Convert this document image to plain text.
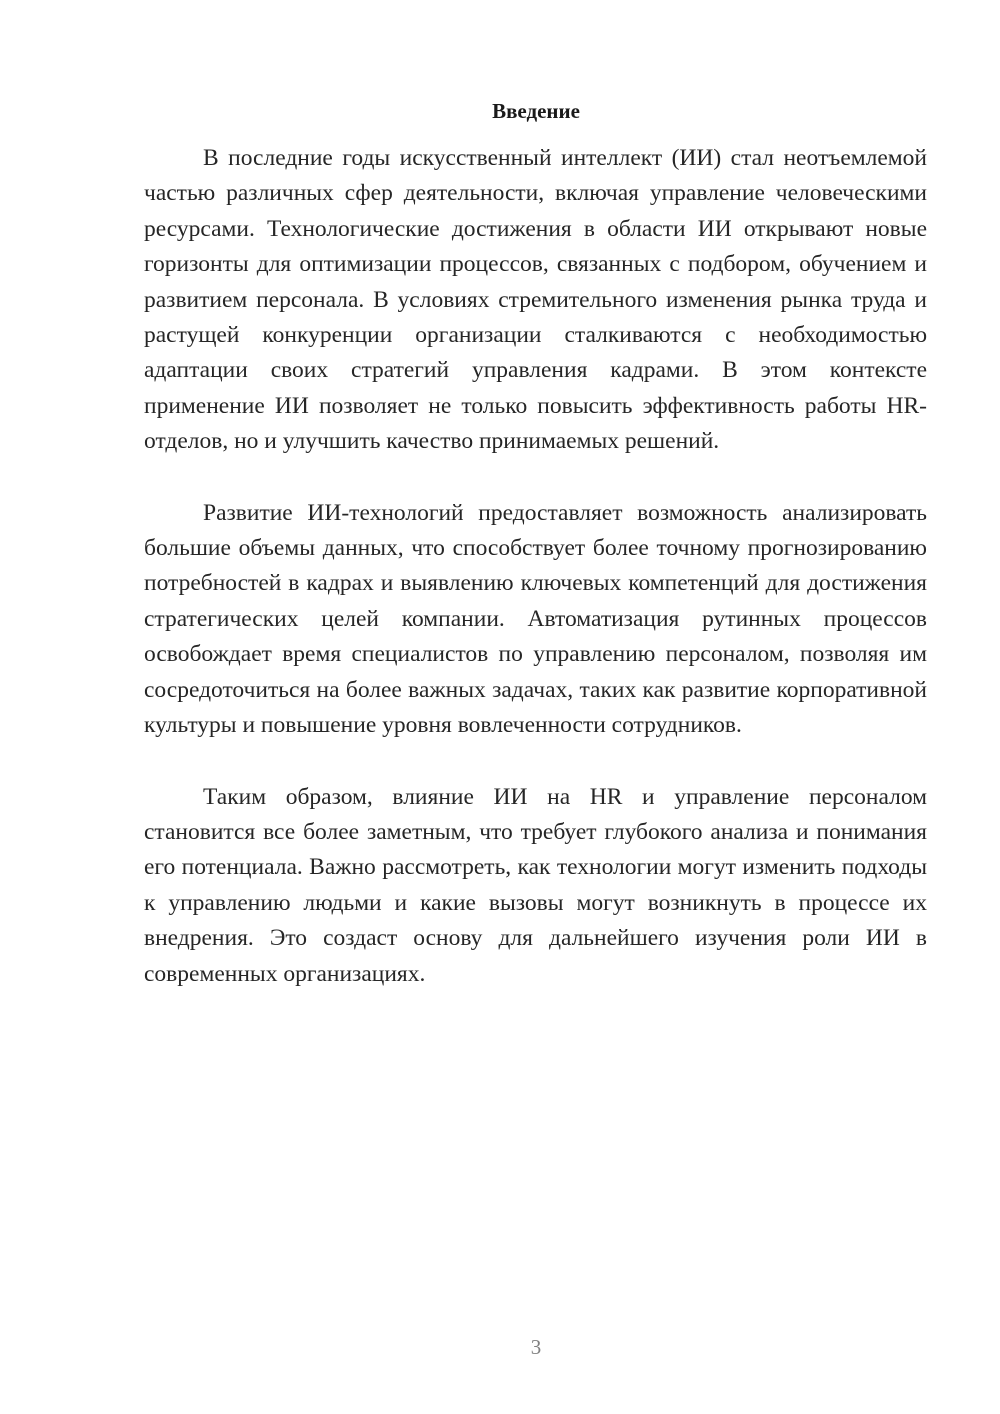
Введение

В последние годы искусственный интеллект (ИИ) стал неотъемлемой частью различных сфер деятельности, включая управление человеческими ресурсами. Технологические достижения в области ИИ открывают новые горизонты для оптимизации процессов, связанных с подбором, обучением и развитием персонала. В условиях стремительного изменения рынка труда и растущей конкуренции организации сталкиваются с необходимостью адаптации своих стратегий управления кадрами. В этом контексте применение ИИ позволяет не только повысить эффективность работы HR-отделов, но и улучшить качество принимаемых решений.

Развитие ИИ-технологий предоставляет возможность анализировать большие объемы данных, что способствует более точному прогнозированию потребностей в кадрах и выявлению ключевых компетенций для достижения стратегических целей компании. Автоматизация рутинных процессов освобождает время специалистов по управлению персоналом, позволяя им сосредоточиться на более важных задачах, таких как развитие корпоративной культуры и повышение уровня вовлеченности сотрудников.

Таким образом, влияние ИИ на HR и управление персоналом становится все более заметным, что требует глубокого анализа и понимания его потенциала. Важно рассмотреть, как технологии могут изменить подходы к управлению людьми и какие вызовы могут возникнуть в процессе их внедрения. Это создаст основу для дальнейшего изучения роли ИИ в современных организациях.

3
